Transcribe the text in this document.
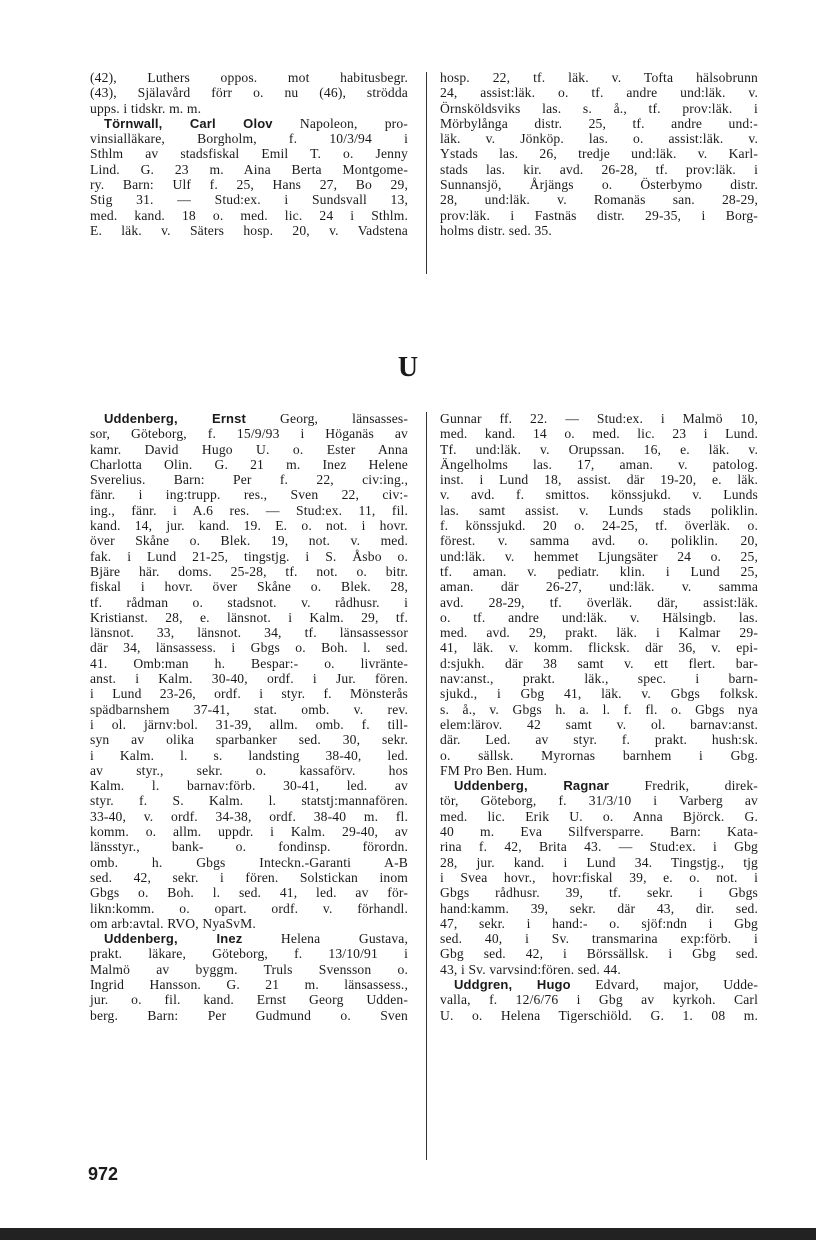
(42), Luthers oppos. mot habitusbegr.
(43), Själavård förr o. nu (46), strödda
upps. i tidskr. m. m.
Törnwall, Carl Olov Napoleon, pro-
vinsialläkare, Borgholm, f. 10/3/94 i
Sthlm av stadsfiskal Emil T. o. Jenny
Lind. G. 23 m. Aina Berta Montgome-
ry. Barn: Ulf f. 25, Hans 27, Bo 29,
Stig 31. — Stud:ex. i Sundsvall 13,
med. kand. 18 o. med. lic. 24 i Sthlm.
E. läk. v. Säters hosp. 20, v. Vadstena
hosp. 22, tf. läk. v. Tofta hälsobrunn
24, assist:läk. o. tf. andre und:läk. v.
Örnsköldsviks las. s. å., tf. prov:läk. i
Mörbylånga distr. 25, tf. andre und:-
läk. v. Jönköp. las. o. assist:läk. v.
Ystads las. 26, tredje und:läk. v. Karl-
stads las. kir. avd. 26-28, tf. prov:läk. i
Sunnansjö, Årjängs o. Österbymo distr.
28, und:läk. v. Romanäs san. 28-29,
prov:läk. i Fastnäs distr. 29-35, i Borg-
holms distr. sed. 35.
U
Uddenberg, Ernst Georg, länsasses-
sor, Göteborg, f. 15/9/93 i Höganäs av
kamr. David Hugo U. o. Ester Anna
Charlotta Olin. G. 21 m. Inez Helene
Sverelius. Barn: Per f. 22, civ:ing.,
fänr. i ing:trupp. res., Sven 22, civ:-
ing., fänr. i A.6 res. — Stud:ex. 11, fil.
kand. 14, jur. kand. 19. E. o. not. i hovr.
över Skåne o. Blek. 19, not. v. med.
fak. i Lund 21-25, tingstjg. i S. Åsbo o.
Bjäre här. doms. 25-28, tf. not. o. bitr.
fiskal i hovr. över Skåne o. Blek. 28,
tf. rådman o. stadsnot. v. rådhusr. i
Kristianst. 28, e. länsnot. i Kalm. 29, tf.
länsnot. 33, länsnot. 34, tf. länsassessor
där 34, länsassess. i Gbgs o. Boh. l. sed.
41. Omb:man h. Bespar:- o. livränte-
anst. i Kalm. 30-40, ordf. i Jur. fören.
i Lund 23-26, ordf. i styr. f. Mönsterås
spädbarnshem 37-41, stat. omb. v. rev.
i ol. järnv:bol. 31-39, allm. omb. f. till-
syn av olika sparbanker sed. 30, sekr.
i Kalm. l. s. landsting 38-40, led.
av styr., sekr. o. kassaförv. hos
Kalm. l. barnav:förb. 30-41, led. av
styr. f. S. Kalm. l. statstj:mannafören.
33-40, v. ordf. 34-38, ordf. 38-40 m. fl.
komm. o. allm. uppdr. i Kalm. 29-40, av
länsstyr., bank- o. fondinsp. förordn.
omb. h. Gbgs Inteckn.-Garanti A-B
sed. 42, sekr. i fören. Solstickan inom
Gbgs o. Boh. l. sed. 41, led. av för-
likn:komm. o. opart. ordf. v. förhandl.
om arb:avtal. RVO, NyaSvM.
Uddenberg, Inez Helena Gustava,
prakt. läkare, Göteborg, f. 13/10/91 i
Malmö av byggm. Truls Svensson o.
Ingrid Hansson. G. 21 m. länsassess.,
jur. o. fil. kand. Ernst Georg Udden-
berg. Barn: Per Gudmund o. Sven
Gunnar ff. 22. — Stud:ex. i Malmö 10,
med. kand. 14 o. med. lic. 23 i Lund.
Tf. und:läk. v. Orupssan. 16, e. läk. v.
Ängelholms las. 17, aman. v. patolog.
inst. i Lund 18, assist. där 19-20, e. läk.
v. avd. f. smittos. könssjukd. v. Lunds
las. samt assist. v. Lunds stads poliklin.
f. könssjukd. 20 o. 24-25, tf. överläk. o.
förest. v. samma avd. o. poliklin. 20,
und:läk. v. hemmet Ljungsäter 24 o. 25,
tf. aman. v. pediatr. klin. i Lund 25,
aman. där 26-27, und:läk. v. samma
avd. 28-29, tf. överläk. där, assist:läk.
o. tf. andre und:läk. v. Hälsingb. las.
med. avd. 29, prakt. läk. i Kalmar 29-
41, läk. v. komm. flicksk. där 36, v. epi-
d:sjukh. där 38 samt v. ett flert. bar-
nav:anst., prakt. läk., spec. i barn-
sjukd., i Gbg 41, läk. v. Gbgs folksk.
s. å., v. Gbgs h. a. l. f. fl. o. Gbgs nya
elem:lärov. 42 samt v. ol. barnav:anst.
där. Led. av styr. f. prakt. hush:sk.
o. sällsk. Myrornas barnhem i Gbg.
FM Pro Ben. Hum.
Uddenberg, Ragnar Fredrik, direk-
tör, Göteborg, f. 31/3/10 i Varberg av
med. lic. Erik U. o. Anna Björck. G.
40 m. Eva Silfversparre. Barn: Kata-
rina f. 42, Brita 43. — Stud:ex. i Gbg
28, jur. kand. i Lund 34. Tingstjg., tjg
i Svea hovr., hovr:fiskal 39, e. o. not. i
Gbgs rådhusr. 39, tf. sekr. i Gbgs
hand:kamm. 39, sekr. där 43, dir. sed.
47, sekr. i hand:- o. sjöf:ndn i Gbg
sed. 40, i Sv. transmarina exp:förb. i
Gbg sed. 42, i Börssällsk. i Gbg sed.
43, i Sv. varvsind:fören. sed. 44.
Uddgren, Hugo Edvard, major, Udde-
valla, f. 12/6/76 i Gbg av kyrkoh. Carl
U. o. Helena Tigerschiöld. G. 1. 08 m.
972
